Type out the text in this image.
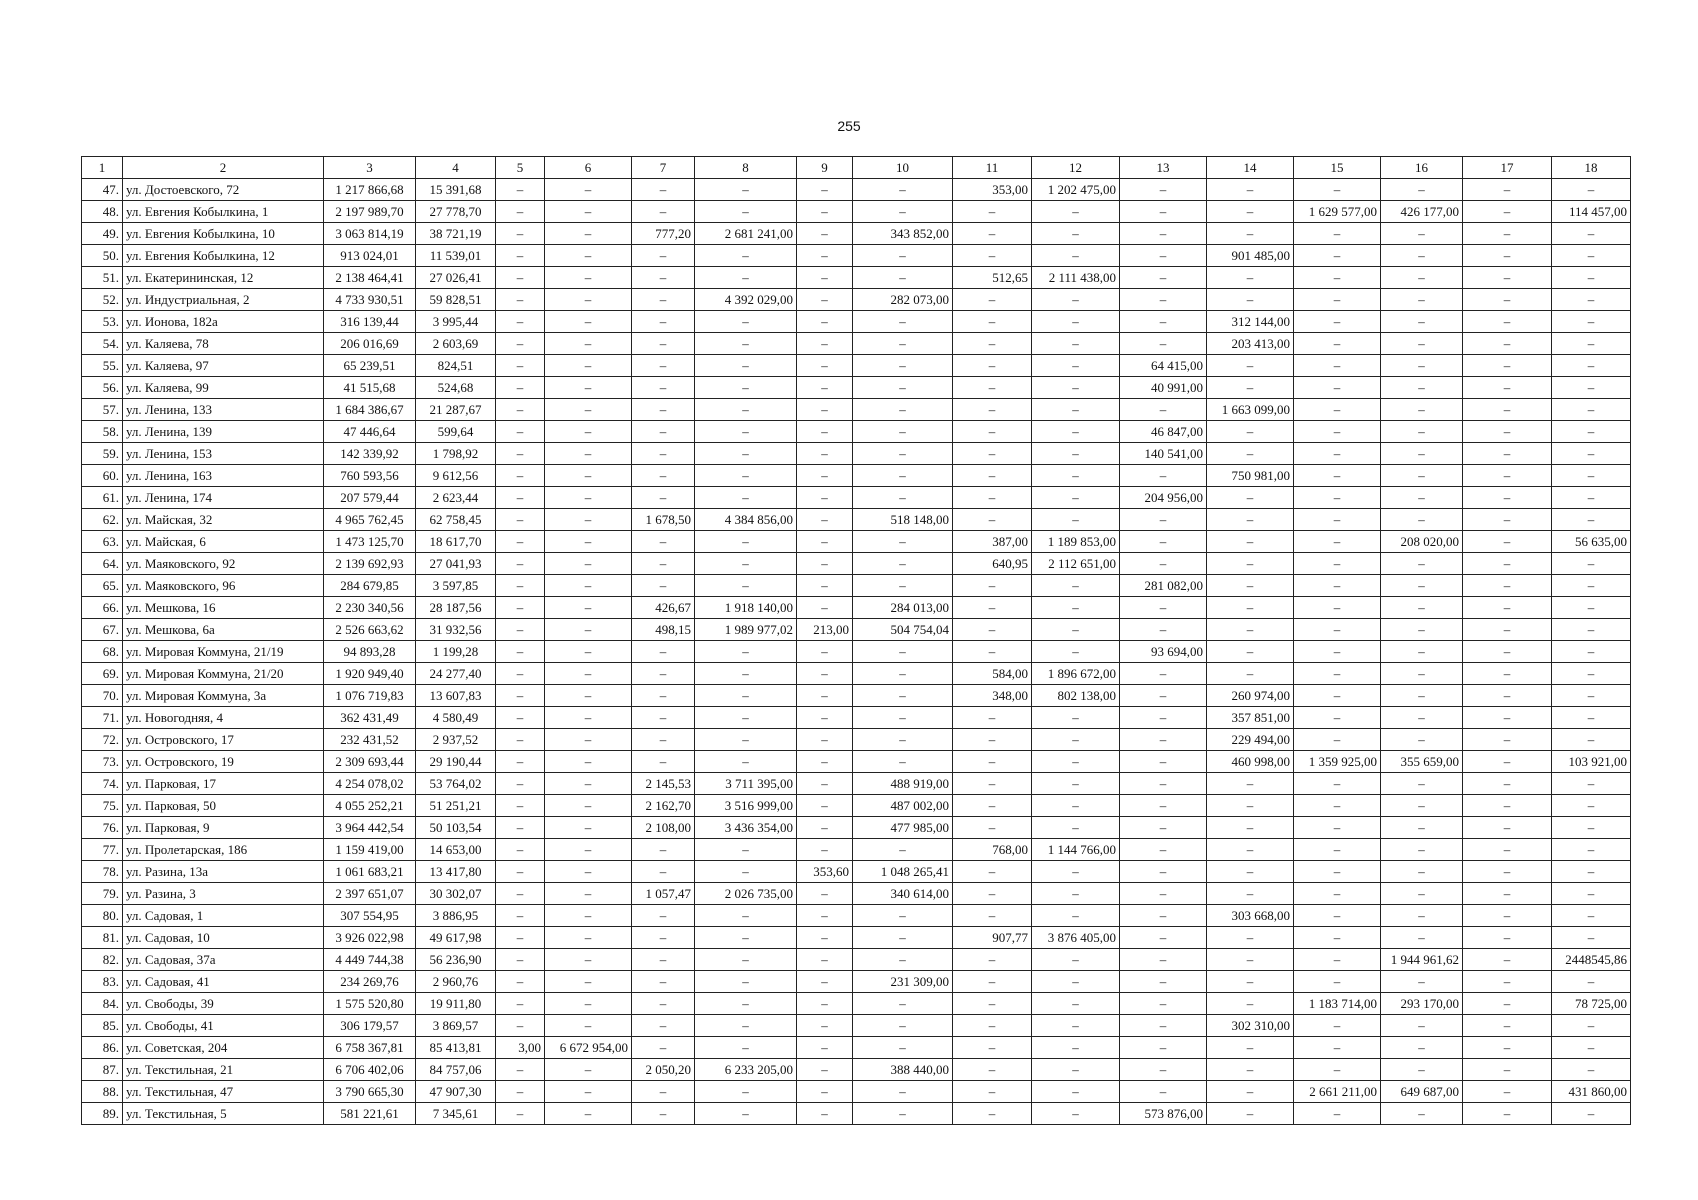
255
1	2	3	4	5	6	7	8	9	10	11	12	13	14	15	16	17	18
47.	ул. Достоевского, 72	1 217 866,68	15 391,68	–	–	–	–	–	–	353,00	1 202 475,00	–	–	–	–	–	–
48.	ул. Евгения Кобылкина, 1	2 197 989,70	27 778,70	–	–	–	–	–	–	–	–	–	–	1 629 577,00	426 177,00	–	114 457,00
49.	ул. Евгения Кобылкина, 10	3 063 814,19	38 721,19	–	–	777,20	2 681 241,00	–	343 852,00	–	–	–	–	–	–	–	–
50.	ул. Евгения Кобылкина, 12	913 024,01	11 539,01	–	–	–	–	–	–	–	–	–	901 485,00	–	–	–	–
51.	ул. Екатерининская, 12	2 138 464,41	27 026,41	–	–	–	–	–	–	512,65	2 111 438,00	–	–	–	–	–	–
52.	ул. Индустриальная, 2	4 733 930,51	59 828,51	–	–	–	4 392 029,00	–	282 073,00	–	–	–	–	–	–	–	–
53.	ул. Ионова, 182а	316 139,44	3 995,44	–	–	–	–	–	–	–	–	–	312 144,00	–	–	–	–
54.	ул. Каляева, 78	206 016,69	2 603,69	–	–	–	–	–	–	–	–	–	203 413,00	–	–	–	–
55.	ул. Каляева, 97	65 239,51	824,51	–	–	–	–	–	–	–	–	64 415,00	–	–	–	–	–
56.	ул. Каляева, 99	41 515,68	524,68	–	–	–	–	–	–	–	–	40 991,00	–	–	–	–	–
57.	ул. Ленина, 133	1 684 386,67	21 287,67	–	–	–	–	–	–	–	–	–	1 663 099,00	–	–	–	–
58.	ул. Ленина, 139	47 446,64	599,64	–	–	–	–	–	–	–	–	46 847,00	–	–	–	–	–
59.	ул. Ленина, 153	142 339,92	1 798,92	–	–	–	–	–	–	–	–	140 541,00	–	–	–	–	–
60.	ул. Ленина, 163	760 593,56	9 612,56	–	–	–	–	–	–	–	–	–	750 981,00	–	–	–	–
61.	ул. Ленина, 174	207 579,44	2 623,44	–	–	–	–	–	–	–	–	204 956,00	–	–	–	–	–
62.	ул. Майская, 32	4 965 762,45	62 758,45	–	–	1 678,50	4 384 856,00	–	518 148,00	–	–	–	–	–	–	–	–
63.	ул. Майская, 6	1 473 125,70	18 617,70	–	–	–	–	–	–	387,00	1 189 853,00	–	–	–	208 020,00	–	56 635,00
64.	ул. Маяковского, 92	2 139 692,93	27 041,93	–	–	–	–	–	–	640,95	2 112 651,00	–	–	–	–	–	–
65.	ул. Маяковского, 96	284 679,85	3 597,85	–	–	–	–	–	–	–	–	281 082,00	–	–	–	–	–
66.	ул. Мешкова, 16	2 230 340,56	28 187,56	–	–	426,67	1 918 140,00	–	284 013,00	–	–	–	–	–	–	–	–
67.	ул. Мешкова, 6а	2 526 663,62	31 932,56	–	–	498,15	1 989 977,02	213,00	504 754,04	–	–	–	–	–	–	–	–
68.	ул. Мировая Коммуна, 21/19	94 893,28	1 199,28	–	–	–	–	–	–	–	–	93 694,00	–	–	–	–	–
69.	ул. Мировая Коммуна, 21/20	1 920 949,40	24 277,40	–	–	–	–	–	–	584,00	1 896 672,00	–	–	–	–	–	–
70.	ул. Мировая Коммуна, 3а	1 076 719,83	13 607,83	–	–	–	–	–	–	348,00	802 138,00	–	260 974,00	–	–	–	–
71.	ул. Новогодняя, 4	362 431,49	4 580,49	–	–	–	–	–	–	–	–	–	357 851,00	–	–	–	–
72.	ул. Островского, 17	232 431,52	2 937,52	–	–	–	–	–	–	–	–	–	229 494,00	–	–	–	–
73.	ул. Островского, 19	2 309 693,44	29 190,44	–	–	–	–	–	–	–	–	–	460 998,00	1 359 925,00	355 659,00	–	103 921,00
74.	ул. Парковая, 17	4 254 078,02	53 764,02	–	–	2 145,53	3 711 395,00	–	488 919,00	–	–	–	–	–	–	–	–
75.	ул. Парковая, 50	4 055 252,21	51 251,21	–	–	2 162,70	3 516 999,00	–	487 002,00	–	–	–	–	–	–	–	–
76.	ул. Парковая, 9	3 964 442,54	50 103,54	–	–	2 108,00	3 436 354,00	–	477 985,00	–	–	–	–	–	–	–	–
77.	ул. Пролетарская, 186	1 159 419,00	14 653,00	–	–	–	–	–	–	768,00	1 144 766,00	–	–	–	–	–	–
78.	ул. Разина, 13а	1 061 683,21	13 417,80	–	–	–	–	353,60	1 048 265,41	–	–	–	–	–	–	–	–
79.	ул. Разина, 3	2 397 651,07	30 302,07	–	–	1 057,47	2 026 735,00	–	340 614,00	–	–	–	–	–	–	–	–
80.	ул. Садовая, 1	307 554,95	3 886,95	–	–	–	–	–	–	–	–	–	303 668,00	–	–	–	–
81.	ул. Садовая, 10	3 926 022,98	49 617,98	–	–	–	–	–	–	907,77	3 876 405,00	–	–	–	–	–	–
82.	ул. Садовая, 37а	4 449 744,38	56 236,90	–	–	–	–	–	–	–	–	–	–	–	1 944 961,62	–	2448545,86
83.	ул. Садовая, 41	234 269,76	2 960,76	–	–	–	–	–	231 309,00	–	–	–	–	–	–	–	–
84.	ул. Свободы, 39	1 575 520,80	19 911,80	–	–	–	–	–	–	–	–	–	–	1 183 714,00	293 170,00	–	78 725,00
85.	ул. Свободы, 41	306 179,57	3 869,57	–	–	–	–	–	–	–	–	–	302 310,00	–	–	–	–
86.	ул. Советская, 204	6 758 367,81	85 413,81	3,00	6 672 954,00	–	–	–	–	–	–	–	–	–	–	–	–
87.	ул. Текстильная, 21	6 706 402,06	84 757,06	–	–	2 050,20	6 233 205,00	–	388 440,00	–	–	–	–	–	–	–	–
88.	ул. Текстильная, 47	3 790 665,30	47 907,30	–	–	–	–	–	–	–	–	–	–	2 661 211,00	649 687,00	–	431 860,00
89.	ул. Текстильная, 5	581 221,61	7 345,61	–	–	–	–	–	–	–	–	573 876,00	–	–	–	–	–
